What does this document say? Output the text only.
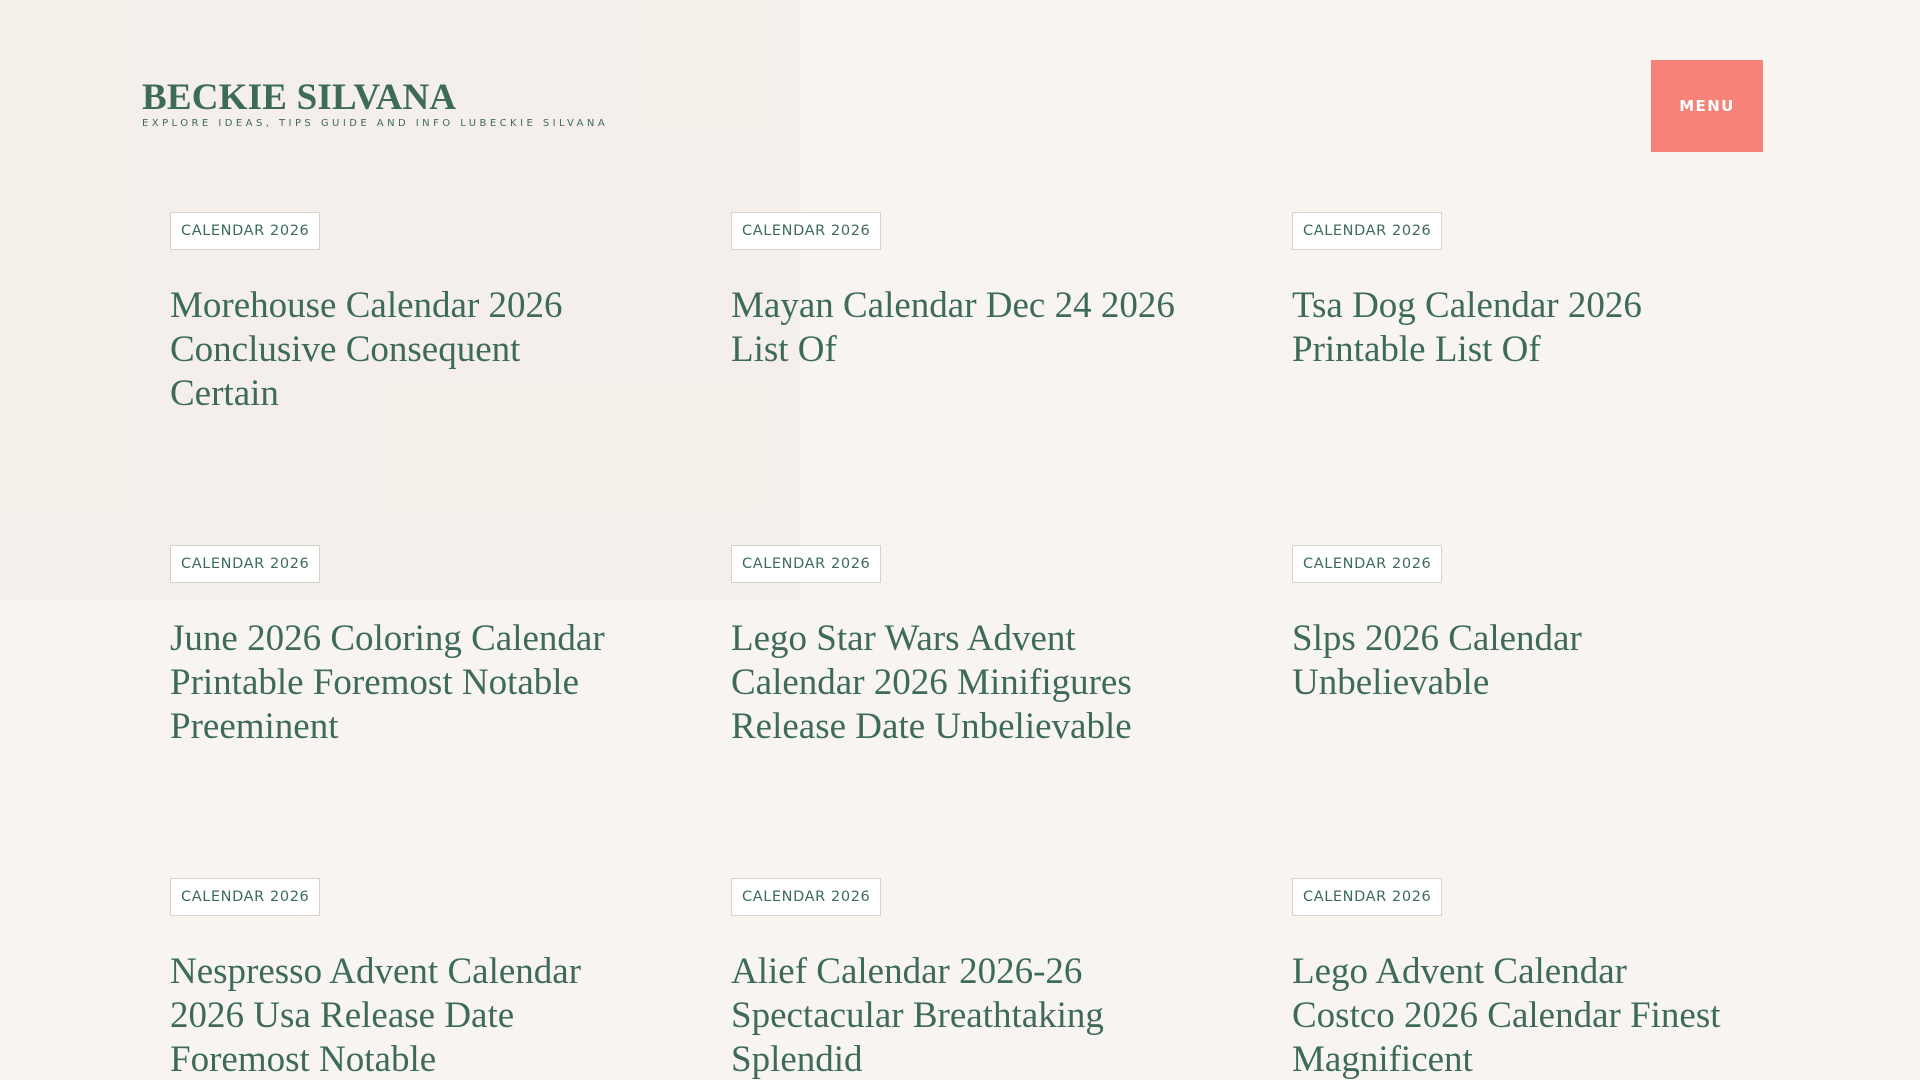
BECKIE SILVANA
EXPLORE IDEAS, TIPS GUIDE AND INFO LUBECKIE SILVANA
MENU
CALENDAR 2026
Morehouse Calendar 2026 Conclusive Consequent Certain
CALENDAR 2026
Mayan Calendar Dec 24 2026 List Of
CALENDAR 2026
Tsa Dog Calendar 2026 Printable List Of
CALENDAR 2026
June 2026 Coloring Calendar Printable Foremost Notable Preeminent
CALENDAR 2026
Lego Star Wars Advent Calendar 2026 Minifigures Release Date Unbelievable
CALENDAR 2026
Slps 2026 Calendar Unbelievable
CALENDAR 2026
Nespresso Advent Calendar 2026 Usa Release Date Foremost Notable
CALENDAR 2026
Alief Calendar 2026-26 Spectacular Breathtaking Splendid
CALENDAR 2026
Lego Advent Calendar Costco 2026 Calendar Finest Magnificent
